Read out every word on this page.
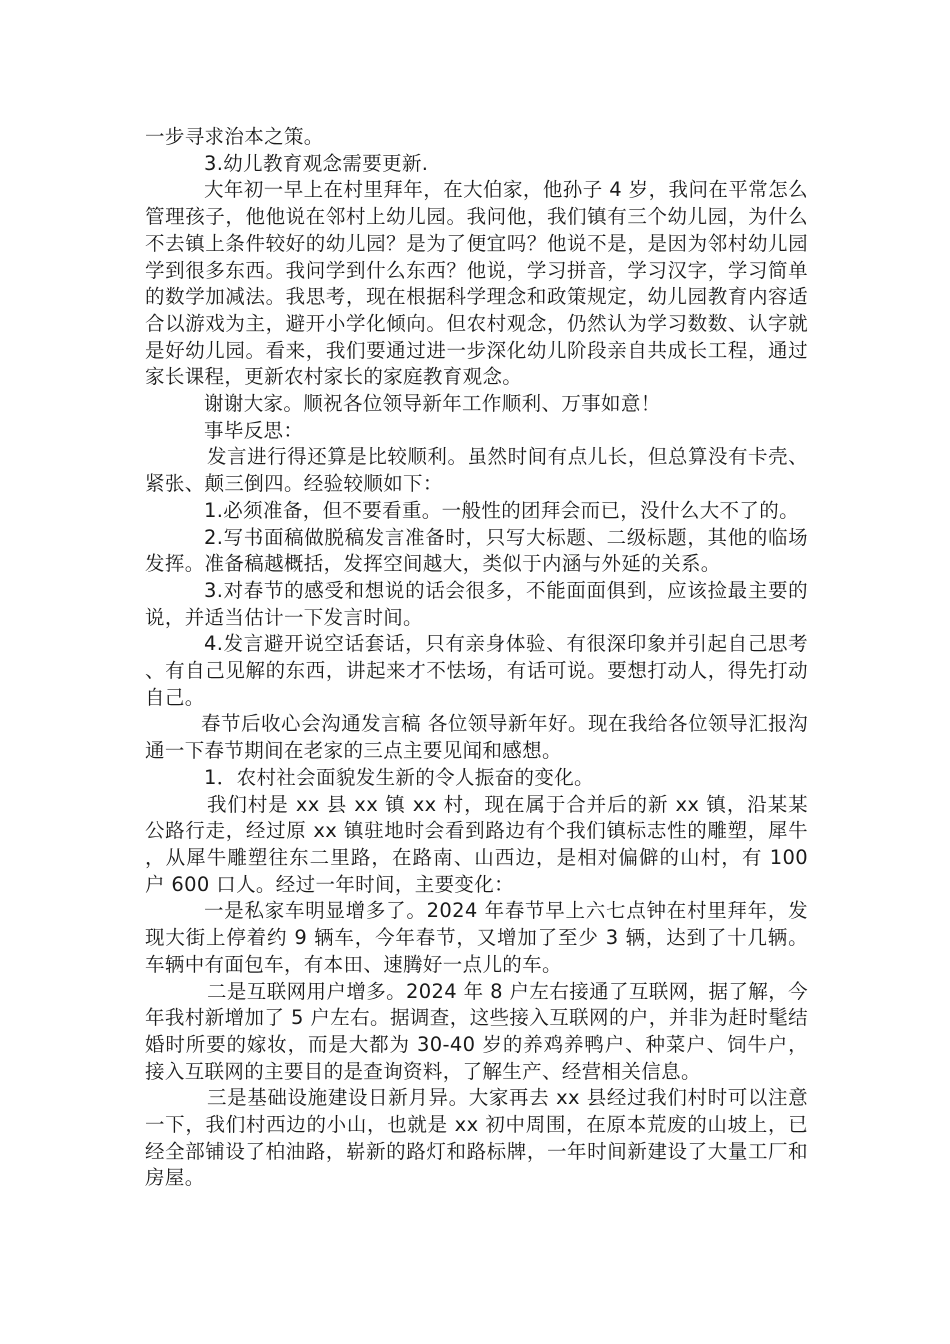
一步寻求治本之策。

3.幼儿教育观念需要更新.

大年初一早上在村里拜年，在大伯家，他孙子 4 岁，我问在平常怎么管理孩子，他他说在邻村上幼儿园。我问他，我们镇有三个幼儿园，为什么不去镇上条件较好的幼儿园？是为了便宜吗？他说不是，是因为邻村幼儿园学到很多东西。我问学到什么东西？他说，学习拼音，学习汉字，学习简单的数学加减法。我思考，现在根据科学理念和政策规定，幼儿园教育内容适合以游戏为主，避开小学化倾向。但农村观念，仍然认为学习数数、认字就是好幼儿园。看来，我们要通过进一步深化幼儿阶段亲自共成长工程，通过家长课程，更新农村家长的家庭教育观念。

谢谢大家。顺祝各位领导新年工作顺利、万事如意！

事毕反思：

发言进行得还算是比较顺利。虽然时间有点儿长，但总算没有卡壳、紧张、颠三倒四。经验较顺如下：

1.必须准备，但不要看重。一般性的团拜会而已，没什么大不了的。

2.写书面稿做脱稿发言准备时，只写大标题、二级标题，其他的临场发挥。准备稿越概括，发挥空间越大，类似于内涵与外延的关系。

3.对春节的感受和想说的话会很多，不能面面俱到，应该捡最主要的说，并适当估计一下发言时间。

4.发言避开说空话套话，只有亲身体验、有很深印象并引起自己思考、有自己见解的东西，讲起来才不怯场，有话可说。要想打动人，得先打动自己。

春节后收心会沟通发言稿 各位领导新年好。现在我给各位领导汇报沟通一下春节期间在老家的三点主要见闻和感想。

1．农村社会面貌发生新的令人振奋的变化。

我们村是 xx 县 xx 镇 xx 村，现在属于合并后的新 xx 镇，沿某某公路行走，经过原 xx 镇驻地时会看到路边有个我们镇标志性的雕塑，犀牛，从犀牛雕塑往东二里路，在路南、山西边，是相对偏僻的山村，有 100 户 600 口人。经过一年时间，主要变化：

一是私家车明显增多了。2024 年春节早上六七点钟在村里拜年，发现大街上停着约 9 辆车，今年春节，又增加了至少 3 辆，达到了十几辆。车辆中有面包车，有本田、速腾好一点儿的车。

二是互联网用户增多。2024 年 8 户左右接通了互联网，据了解，今年我村新增加了 5 户左右。据调查，这些接入互联网的户，并非为赶时髦结婚时所要的嫁妆，而是大都为 30-40 岁的养鸡养鸭户、种菜户、饲牛户，接入互联网的主要目的是查询资料，了解生产、经营相关信息。

三是基础设施建设日新月异。大家再去 xx 县经过我们村时可以注意一下，我们村西边的小山，也就是 xx 初中周围，在原本荒废的山坡上，已经全部铺设了柏油路，崭新的路灯和路标牌，一年时间新建设了大量工厂和房屋。
